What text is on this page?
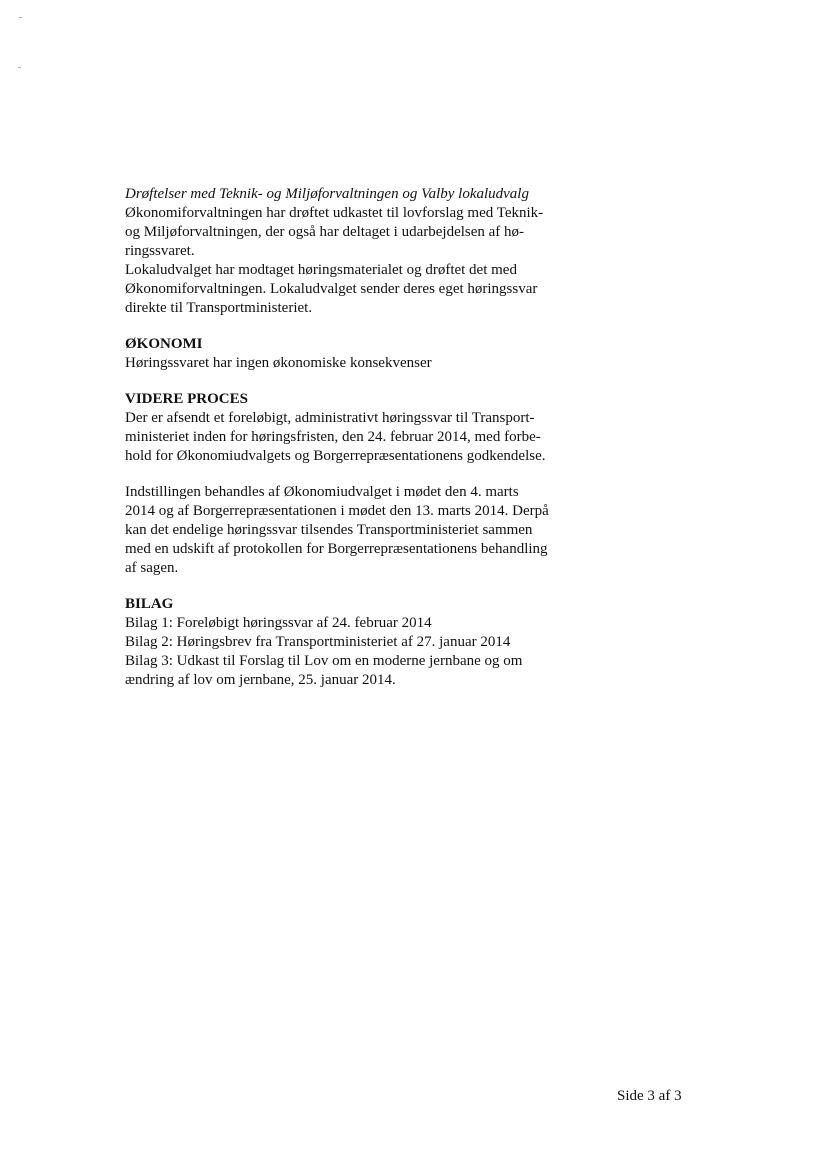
Drøftelser med Teknik- og Miljøforvaltningen og Valby lokaludvalg
Økonomiforvaltningen har drøftet udkastet til lovforslag med Teknik-
og Miljøforvaltningen, der også har deltaget i udarbejdelsen af hø-
ringssvaret.
Lokaludvalget har modtaget høringsmaterialet og drøftet det med
Økonomiforvaltningen. Lokaludvalget sender deres eget høringssvar
direkte til Transportministeriet.
ØKONOMI
Høringssvaret har ingen økonomiske konsekvenser
VIDERE PROCES
Der er afsendt et foreløbigt, administrativt høringssvar til Transport-
ministeriet inden for høringsfristen, den 24. februar 2014, med forbe-
hold for Økonomiudvalgets og Borgerrepræsentationens godkendelse.
Indstillingen behandles af Økonomiudvalget i mødet den 4. marts
2014 og af Borgerrepræsentationen i mødet den 13. marts 2014. Derpå
kan det endelige høringssvar tilsendes Transportministeriet sammen
med en udskift af protokollen for Borgerrepræsentationens behandling
af sagen.
BILAG
Bilag 1: Foreløbigt høringssvar af 24. februar 2014
Bilag 2: Høringsbrev fra Transportministeriet af 27. januar 2014
Bilag 3: Udkast til Forslag til Lov om en moderne jernbane og om
ændring af lov om jernbane, 25. januar 2014.
Side 3 af 3
